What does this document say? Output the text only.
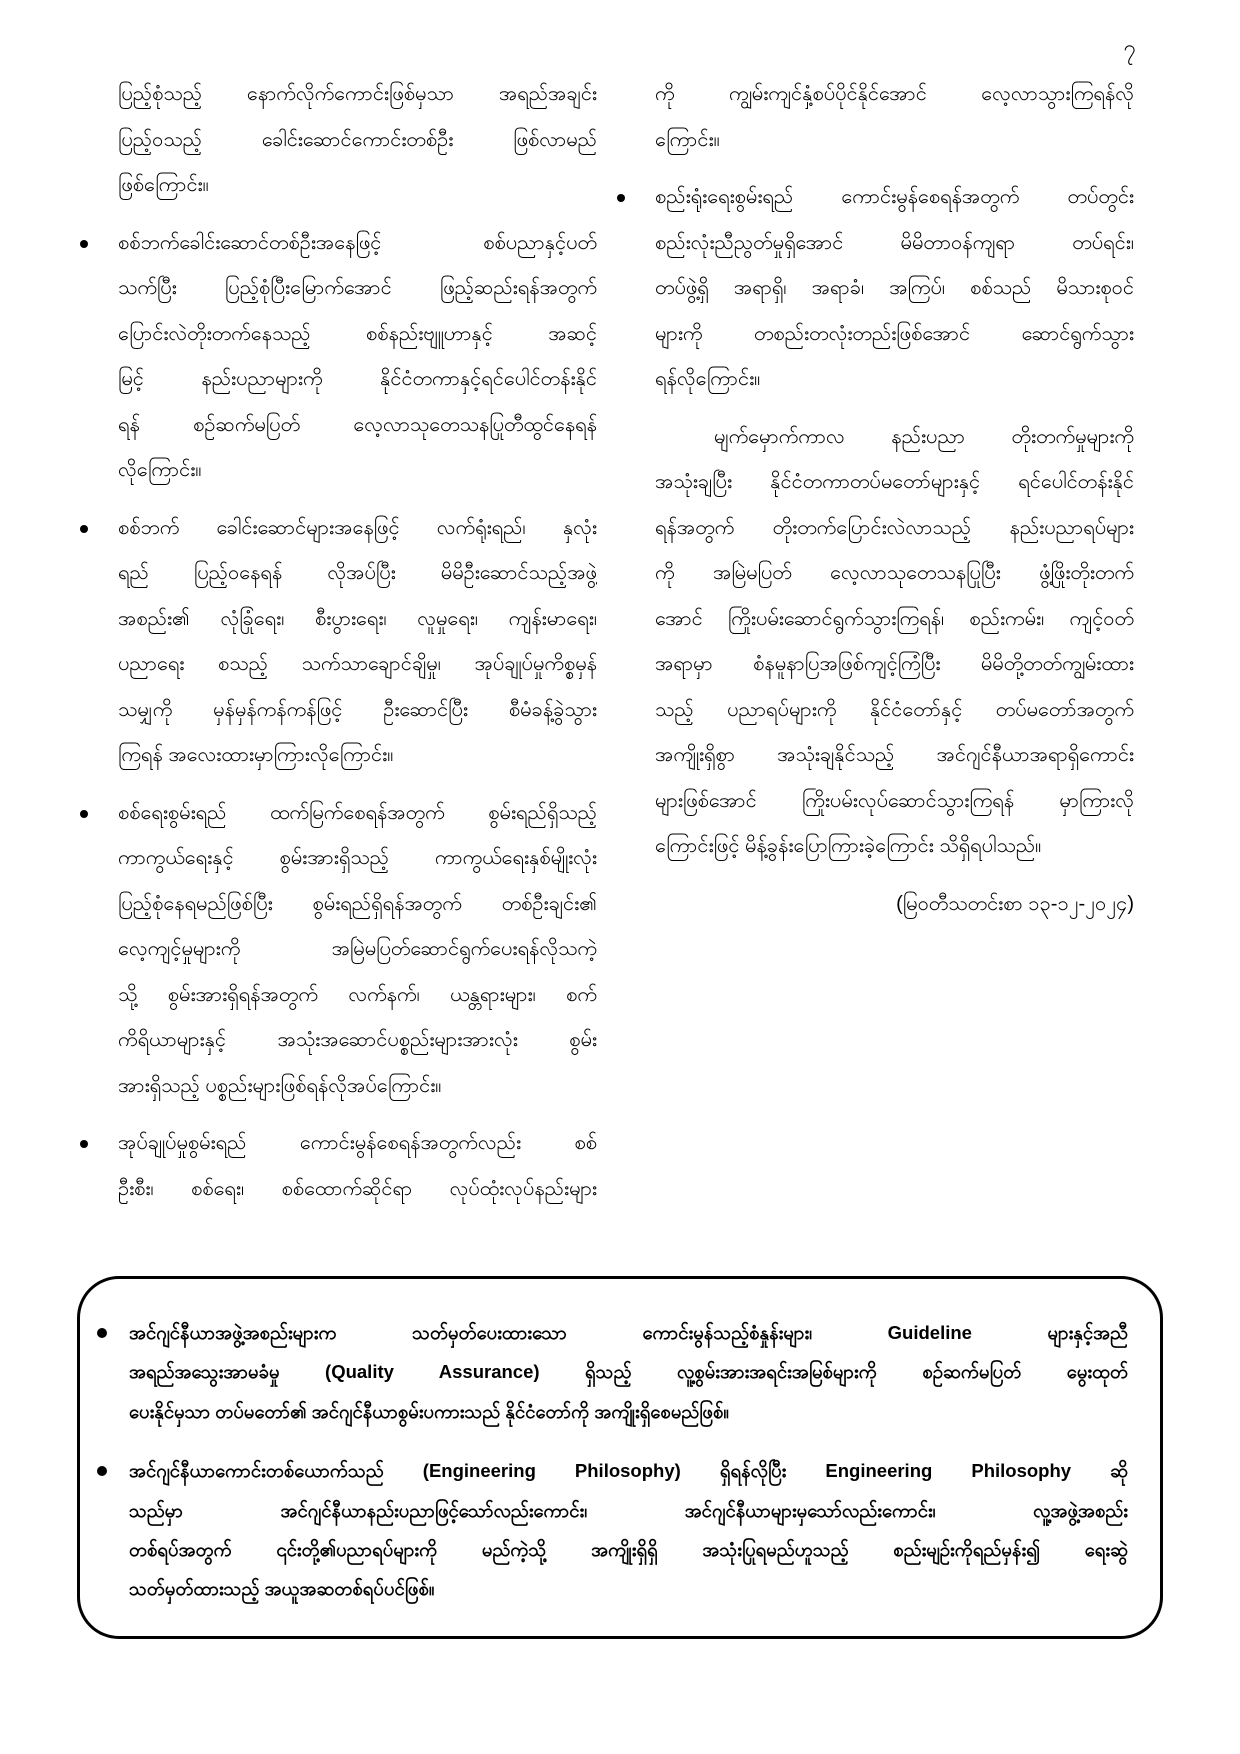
၇
ပြည့်စုံသည့် နောက်လိုက်ကောင်းဖြစ်မှသာ အရည်အချင်း
ပြည့်ဝသည့် ခေါင်းဆောင်ကောင်းတစ်ဦး ဖြစ်လာမည်
ဖြစ်ကြောင်း။
စစ်ဘက်ခေါင်းဆောင်တစ်ဦးအနေဖြင့် စစ်ပညာနှင့်ပတ်
သက်ပြီး ပြည့်စုံပြီးမြောက်အောင် ဖြည့်ဆည်းရန်အတွက်
ပြောင်းလဲတိုးတက်နေသည့် စစ်နည်းဗျူဟာနှင့် အဆင့်
မြင့် နည်းပညာများကို နိုင်ငံတကာနှင့်ရင်ပေါင်တန်းနိုင်
ရန် စဉ်ဆက်မပြတ် လေ့လာသုတေသနပြုတီထွင်နေရန်
လိုကြောင်း။
စစ်ဘက် ခေါင်းဆောင်များအနေဖြင့် လက်ရုံးရည်၊ နှလုံး
ရည် ပြည့်ဝနေရန် လိုအပ်ပြီး မိမိဦးဆောင်သည့်အဖွဲ့
အစည်း၏ လုံခြုံရေး၊ စီးပွားရေး၊ လူမှုရေး၊ ကျန်းမာရေး၊
ပညာရေး စသည့် သက်သာချောင်ချိမှု၊ အုပ်ချုပ်မှုကိစ္စမှန်
သမျှကို မှန်မှန်ကန်ကန်ဖြင့် ဦးဆောင်ပြီး စီမံခန့်ခွဲသွား
ကြရန် အလေးထားမှာကြားလိုကြောင်း။
စစ်ရေးစွမ်းရည် ထက်မြက်စေရန်အတွက် စွမ်းရည်ရှိသည့်
ကာကွယ်ရေးနှင့် စွမ်းအားရှိသည့် ကာကွယ်ရေးနှစ်မျိုးလုံး
ပြည့်စုံနေရမည်ဖြစ်ပြီး စွမ်းရည်ရှိရန်အတွက် တစ်ဦးချင်း၏
လေ့ကျင့်မှုများကို အမြဲမပြတ်ဆောင်ရွက်ပေးရန်လိုသကဲ့
သို့ စွမ်းအားရှိရန်အတွက် လက်နက်၊ ယန္တရားများ၊ စက်
ကိရိယာများနှင့် အသုံးအဆောင်ပစ္စည်းများအားလုံး စွမ်း
အားရှိသည့် ပစ္စည်းများဖြစ်ရန်လိုအပ်ကြောင်း။
အုပ်ချုပ်မှုစွမ်းရည် ကောင်းမွန်စေရန်အတွက်လည်း စစ်
ဦးစီး၊ စစ်ရေး၊ စစ်ထောက်ဆိုင်ရာ လုပ်ထုံးလုပ်နည်းများ
ကို ကျွမ်းကျင်နှံ့စပ်ပိုင်နိုင်အောင် လေ့လာသွားကြရန်လို
ကြောင်း။
စည်းရုံးရေးစွမ်းရည် ကောင်းမွန်စေရန်အတွက် တပ်တွင်း
စည်းလုံးညီညွတ်မှုရှိအောင် မိမိတာဝန်ကျရာ တပ်ရင်း၊
တပ်ဖွဲ့ရှိ အရာရှိ၊ အရာခံ၊ အကြပ်၊ စစ်သည် မိသားစုဝင်
များကို တစည်းတလုံးတည်းဖြစ်အောင် ဆောင်ရွက်သွား
ရန်လိုကြောင်း။
မျက်မှောက်ကာလ နည်းပညာ တိုးတက်မှုများကို
အသုံးချပြီး နိုင်ငံတကာတပ်မတော်များနှင့် ရင်ပေါင်တန်းနိုင်
ရန်အတွက် တိုးတက်ပြောင်းလဲလာသည့် နည်းပညာရပ်များ
ကို အမြဲမပြတ် လေ့လာသုတေသနပြုပြီး ဖွံ့ဖြိုးတိုးတက်
အောင် ကြိုးပမ်းဆောင်ရွက်သွားကြရန်၊ စည်းကမ်း၊ ကျင့်ဝတ်
အရာမှာ စံနမူနာပြအဖြစ်ကျင့်ကြံပြီး မိမိတို့တတ်ကျွမ်းထား
သည့် ပညာရပ်များကို နိုင်ငံတော်နှင့် တပ်မတော်အတွက်
အကျိုးရှိစွာ အသုံးချနိုင်သည့် အင်ဂျင်နီယာအရာရှိကောင်း
များဖြစ်အောင် ကြိုးပမ်းလုပ်ဆောင်သွားကြရန် မှာကြားလို
ကြောင်းဖြင့် မိန့်ခွန်းပြောကြားခဲ့ကြောင်း သိရှိရပါသည်။
(မြဝတီသတင်းစာ ၁၃-၁၂-၂၀၂၄)
အင်ဂျင်နီယာအဖွဲ့အစည်းများက သတ်မှတ်ပေးထားသော ကောင်းမွန်သည့်စံနှုန်းများ၊ Guideline များနှင့်အညီ
အရည်အသွေးအာမခံမှု (Quality Assurance) ရှိသည့် လူ့စွမ်းအားအရင်းအမြစ်များကို စဉ်ဆက်မပြတ် မွေးထုတ်
ပေးနိုင်မှသာ တပ်မတော်၏ အင်ဂျင်နီယာစွမ်းပကားသည် နိုင်ငံတော်ကို အကျိုးရှိစေမည်ဖြစ်။
အင်ဂျင်နီယာကောင်းတစ်ယောက်သည် (Engineering Philosophy) ရှိရန်လိုပြီး Engineering Philosophy ဆို
သည်မှာ အင်ဂျင်နီယာနည်းပညာဖြင့်သော်လည်းကောင်း၊ အင်ဂျင်နီယာများမှသော်လည်းကောင်း၊ လူ့အဖွဲ့အစည်း
တစ်ရပ်အတွက် ၎င်းတို့၏ပညာရပ်များကို မည်ကဲ့သို့ အကျိုးရှိရှိ အသုံးပြုရမည်ဟူသည့် စည်းမျဉ်းကိုရည်မှန်း၍ ရေးဆွဲ
သတ်မှတ်ထားသည့် အယူအဆတစ်ရပ်ပင်ဖြစ်။
